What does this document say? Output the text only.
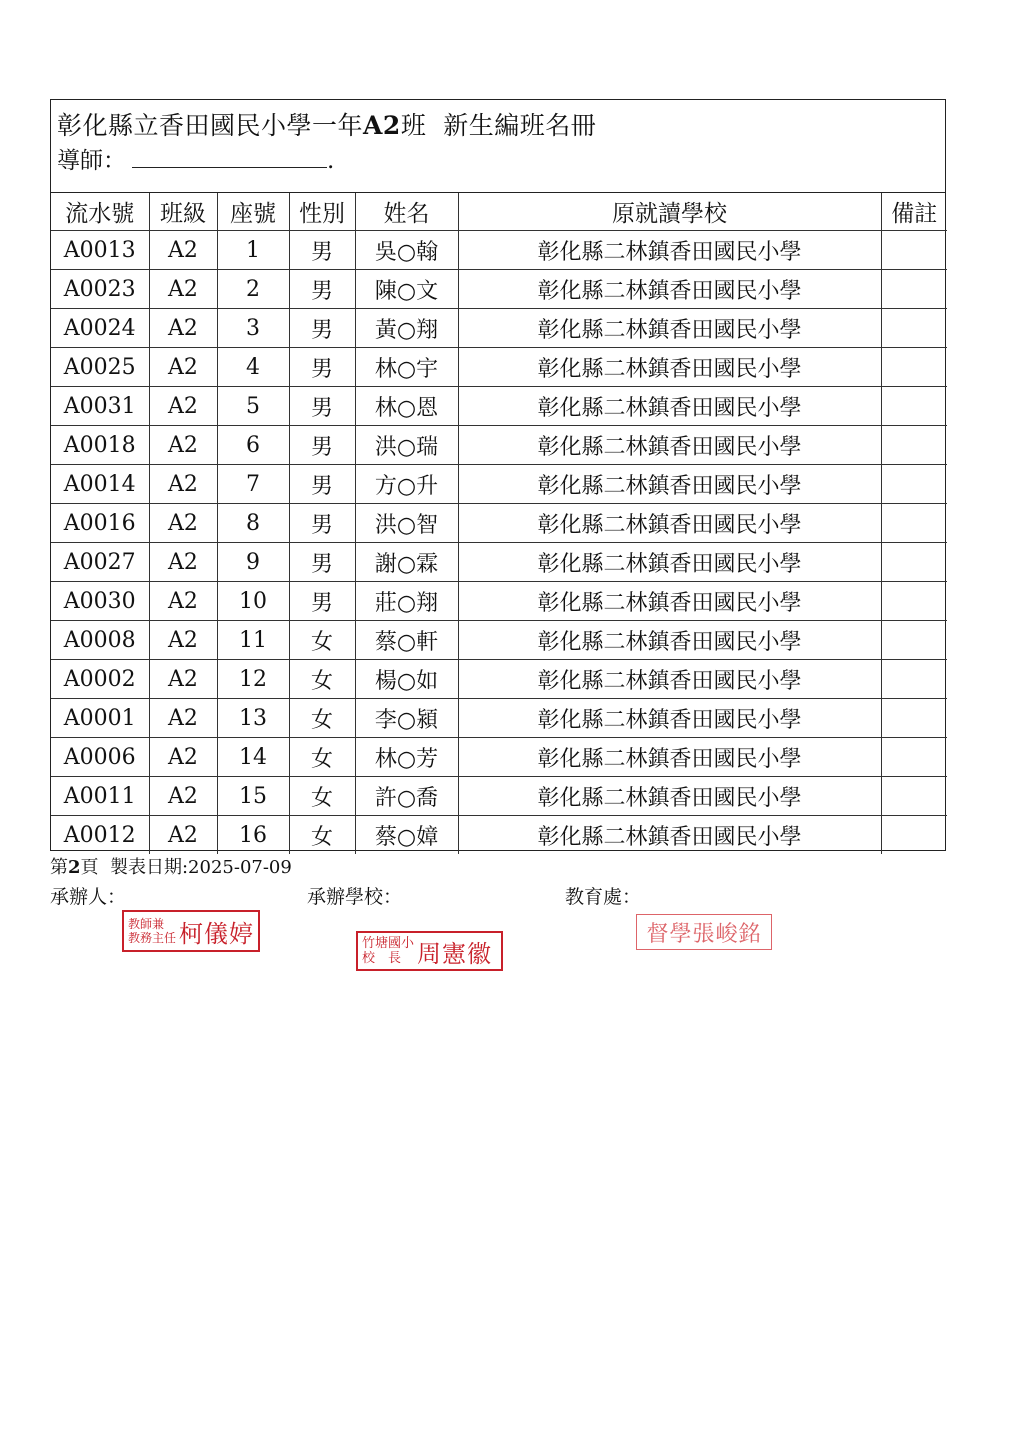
彰化縣立香田國民小學一年A2班  新生編班名冊
導師：	.
流水號	班級	座號	性別	姓名	原就讀學校	備註
A0013	A2	1	男	吳○翰	彰化縣二林鎮香田國民小學	
A0023	A2	2	男	陳○文	彰化縣二林鎮香田國民小學	
A0024	A2	3	男	黃○翔	彰化縣二林鎮香田國民小學	
A0025	A2	4	男	林○宇	彰化縣二林鎮香田國民小學	
A0031	A2	5	男	林○恩	彰化縣二林鎮香田國民小學	
A0018	A2	6	男	洪○瑞	彰化縣二林鎮香田國民小學	
A0014	A2	7	男	方○升	彰化縣二林鎮香田國民小學	
A0016	A2	8	男	洪○智	彰化縣二林鎮香田國民小學	
A0027	A2	9	男	謝○霖	彰化縣二林鎮香田國民小學	
A0030	A2	10	男	莊○翔	彰化縣二林鎮香田國民小學	
A0008	A2	11	女	蔡○軒	彰化縣二林鎮香田國民小學	
A0002	A2	12	女	楊○如	彰化縣二林鎮香田國民小學	
A0001	A2	13	女	李○潁	彰化縣二林鎮香田國民小學	
A0006	A2	14	女	林○芳	彰化縣二林鎮香田國民小學	
A0011	A2	15	女	許○喬	彰化縣二林鎮香田國民小學	
A0012	A2	16	女	蔡○嫜	彰化縣二林鎮香田國民小學	
第2頁 製表日期:2025-07-09
承辦人：	承辦學校：	教育處：
教師兼
教務主任 柯儀婷	竹塘國小
校　長 周憲徽
督學張峻銘
